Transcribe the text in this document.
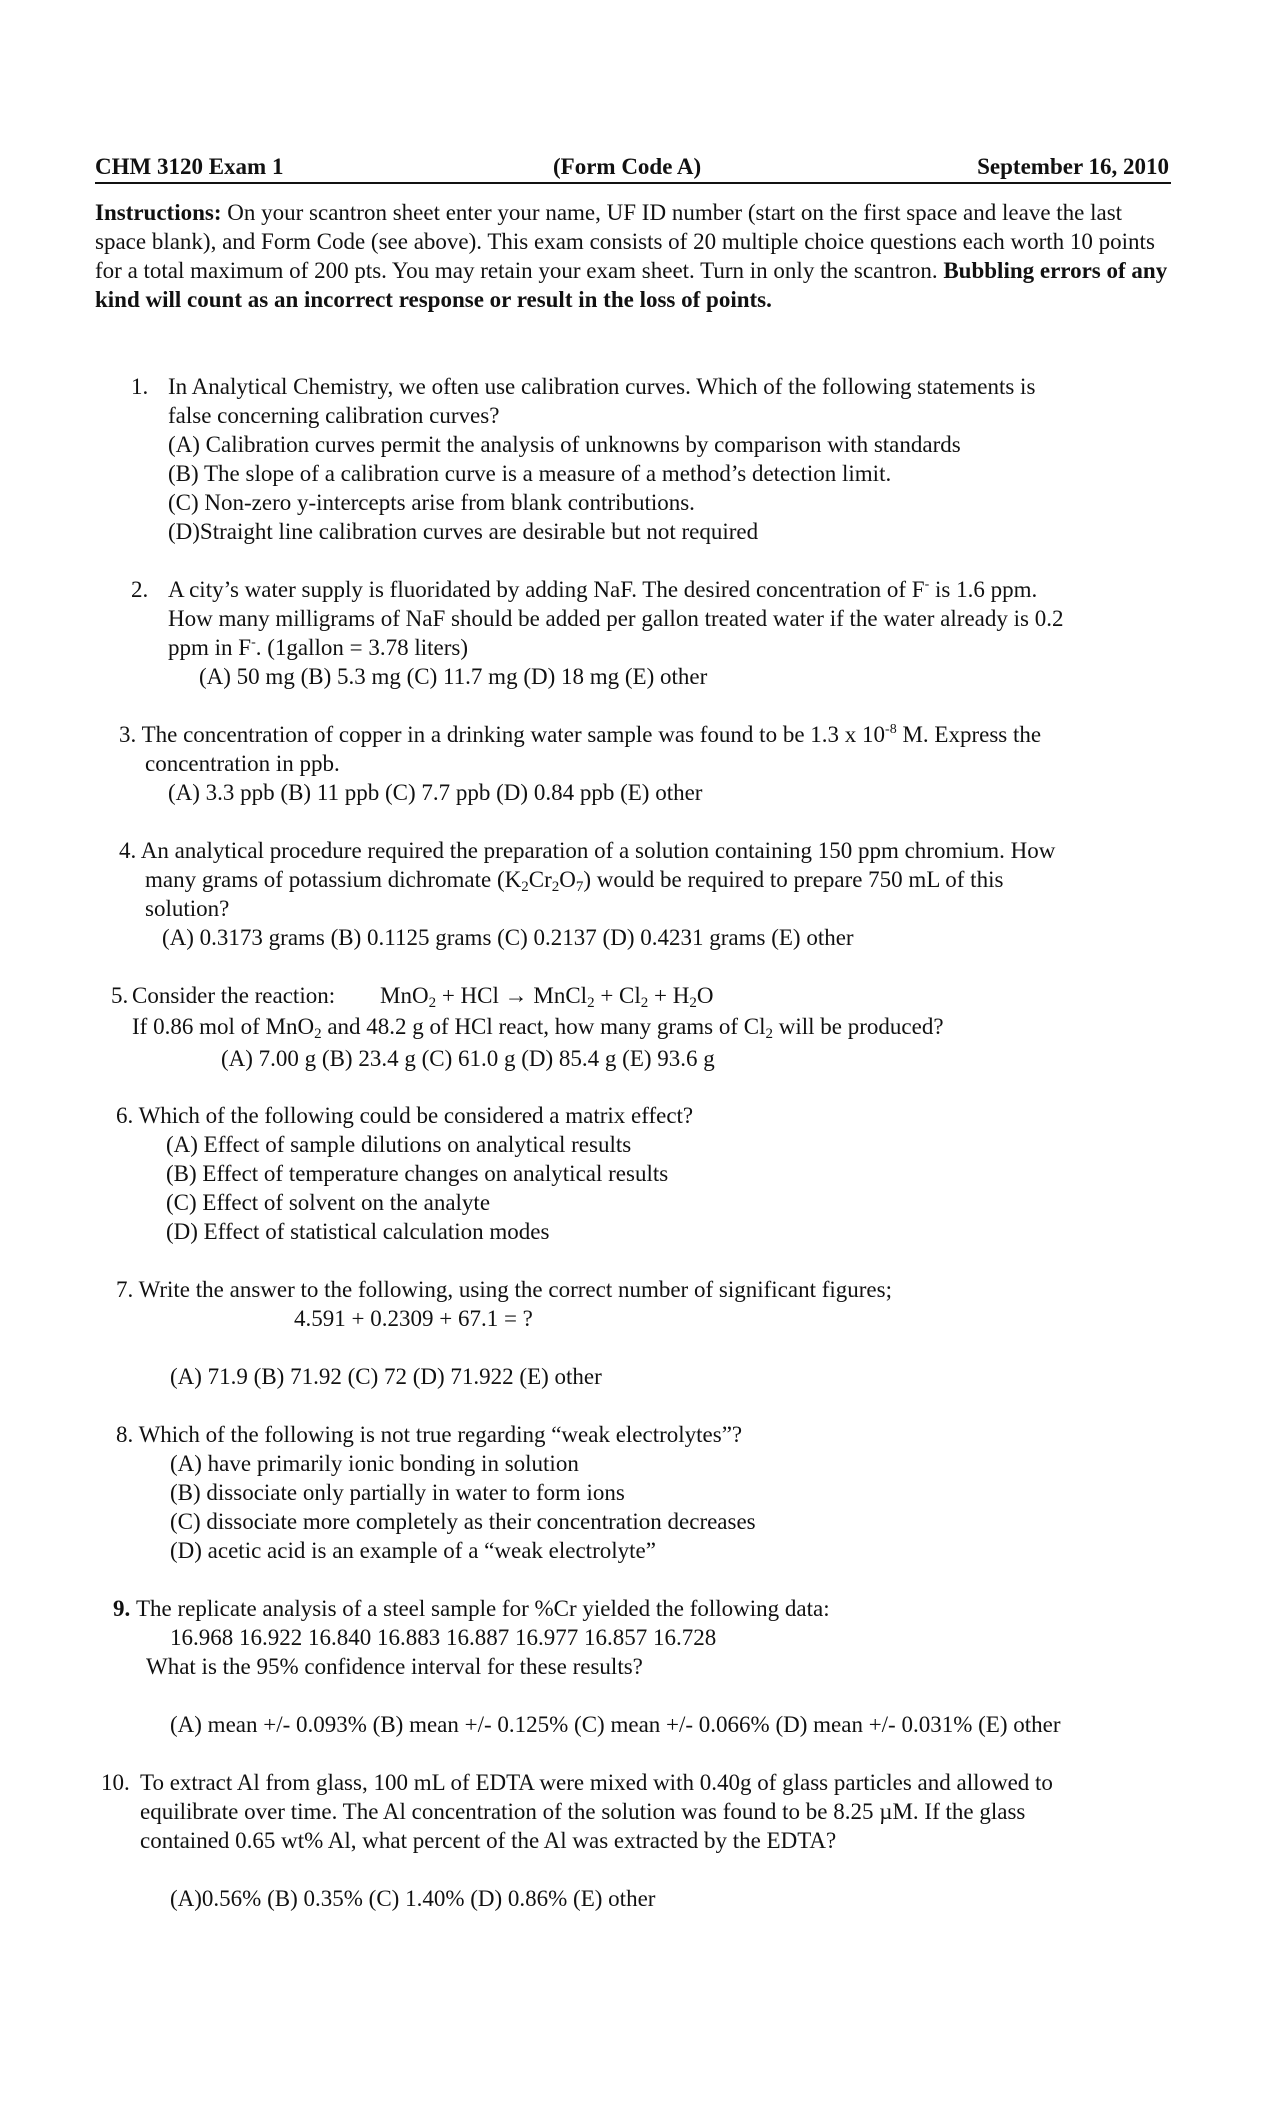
CHM 3120 Exam 1	(Form Code A)	September 16, 2010
Instructions: On your scantron sheet enter your name, UF ID number (start on the first space and leave the last space blank), and Form Code (see above). This exam consists of 20 multiple choice questions each worth 10 points for a total maximum of 200 pts. You may retain your exam sheet. Turn in only the scantron. Bubbling errors of any kind will count as an incorrect response or result in the loss of points.
1. In Analytical Chemistry, we often use calibration curves. Which of the following statements is
false concerning calibration curves?
(A) Calibration curves permit the analysis of unknowns by comparison with standards
(B) The slope of a calibration curve is a measure of a method’s detection limit.
(C) Non-zero y-intercepts arise from blank contributions.
(D)Straight line calibration curves are desirable but not required
2. A city’s water supply is fluoridated by adding NaF. The desired concentration of F- is 1.6 ppm.
How many milligrams of NaF should be added per gallon treated water if the water already is 0.2
ppm in F-. (1gallon = 3.78 liters)
(A) 50 mg (B) 5.3 mg (C) 11.7 mg (D) 18 mg (E) other
3. The concentration of copper in a drinking water sample was found to be 1.3 x $10^{-8}$ M. Express the
concentration in ppb.
(A) 3.3 ppb (B) 11 ppb (C) 7.7 ppb (D) 0.84 ppb (E) other
4. An analytical procedure required the preparation of a solution containing 150 ppm chromium. How
many grams of potassium dichromate $(K_2Cr_2O_7)$ would be required to prepare 750 mL of this
solution?
(A) 0.3173 grams (B) 0.1125 grams (C) 0.2137 (D) 0.4231 grams (E) other
5. Consider the reaction: MnO$_2$ + HCl → MnCl$_2$ + $Cl_2 + H_2O$
If 0.86 mol of MnO$_2$ and 48.2 g of HCl react, how many grams of $Cl_2$ will be produced?
(A) 7.00 g (B) 23.4 g (C) 61.0 g (D) 85.4 g (E) 93.6 g
6. Which of the following could be considered a matrix effect?
(A) Effect of sample dilutions on analytical results
(B) Effect of temperature changes on analytical results
(C) Effect of solvent on the analyte
(D) Effect of statistical calculation modes
7. Write the answer to the following, using the correct number of significant figures;
4.591 + 0.2309 + 67.1 = ?
(A) 71.9 (B) 71.92 (C) 72 (D) 71.922 (E) other
8. Which of the following is not true regarding “weak electrolytes”?
(A) have primarily ionic bonding in solution
(B) dissociate only partially in water to form ions
(C) dissociate more completely as their concentration decreases
(D) acetic acid is an example of a “weak electrolyte”
9. The replicate analysis of a steel sample for %Cr yielded the following data:
16.968 16.922 16.840 16.883 16.887 16.977 16.857 16.728
What is the 95% confidence interval for these results?
(A) mean +/- 0.093% (B) mean +/- 0.125% (C) mean +/- 0.066% (D) mean +/- 0.031% (E) other
10. To extract Al from glass, 100 mL of EDTA were mixed with 0.40g of glass particles and allowed to
equilibrate over time. The Al concentration of the solution was found to be 8.25 µM. If the glass
contained 0.65 wt% Al, what percent of the Al was extracted by the EDTA?
(A)0.56% (B) 0.35% (C) 1.40% (D) 0.86% (E) other
